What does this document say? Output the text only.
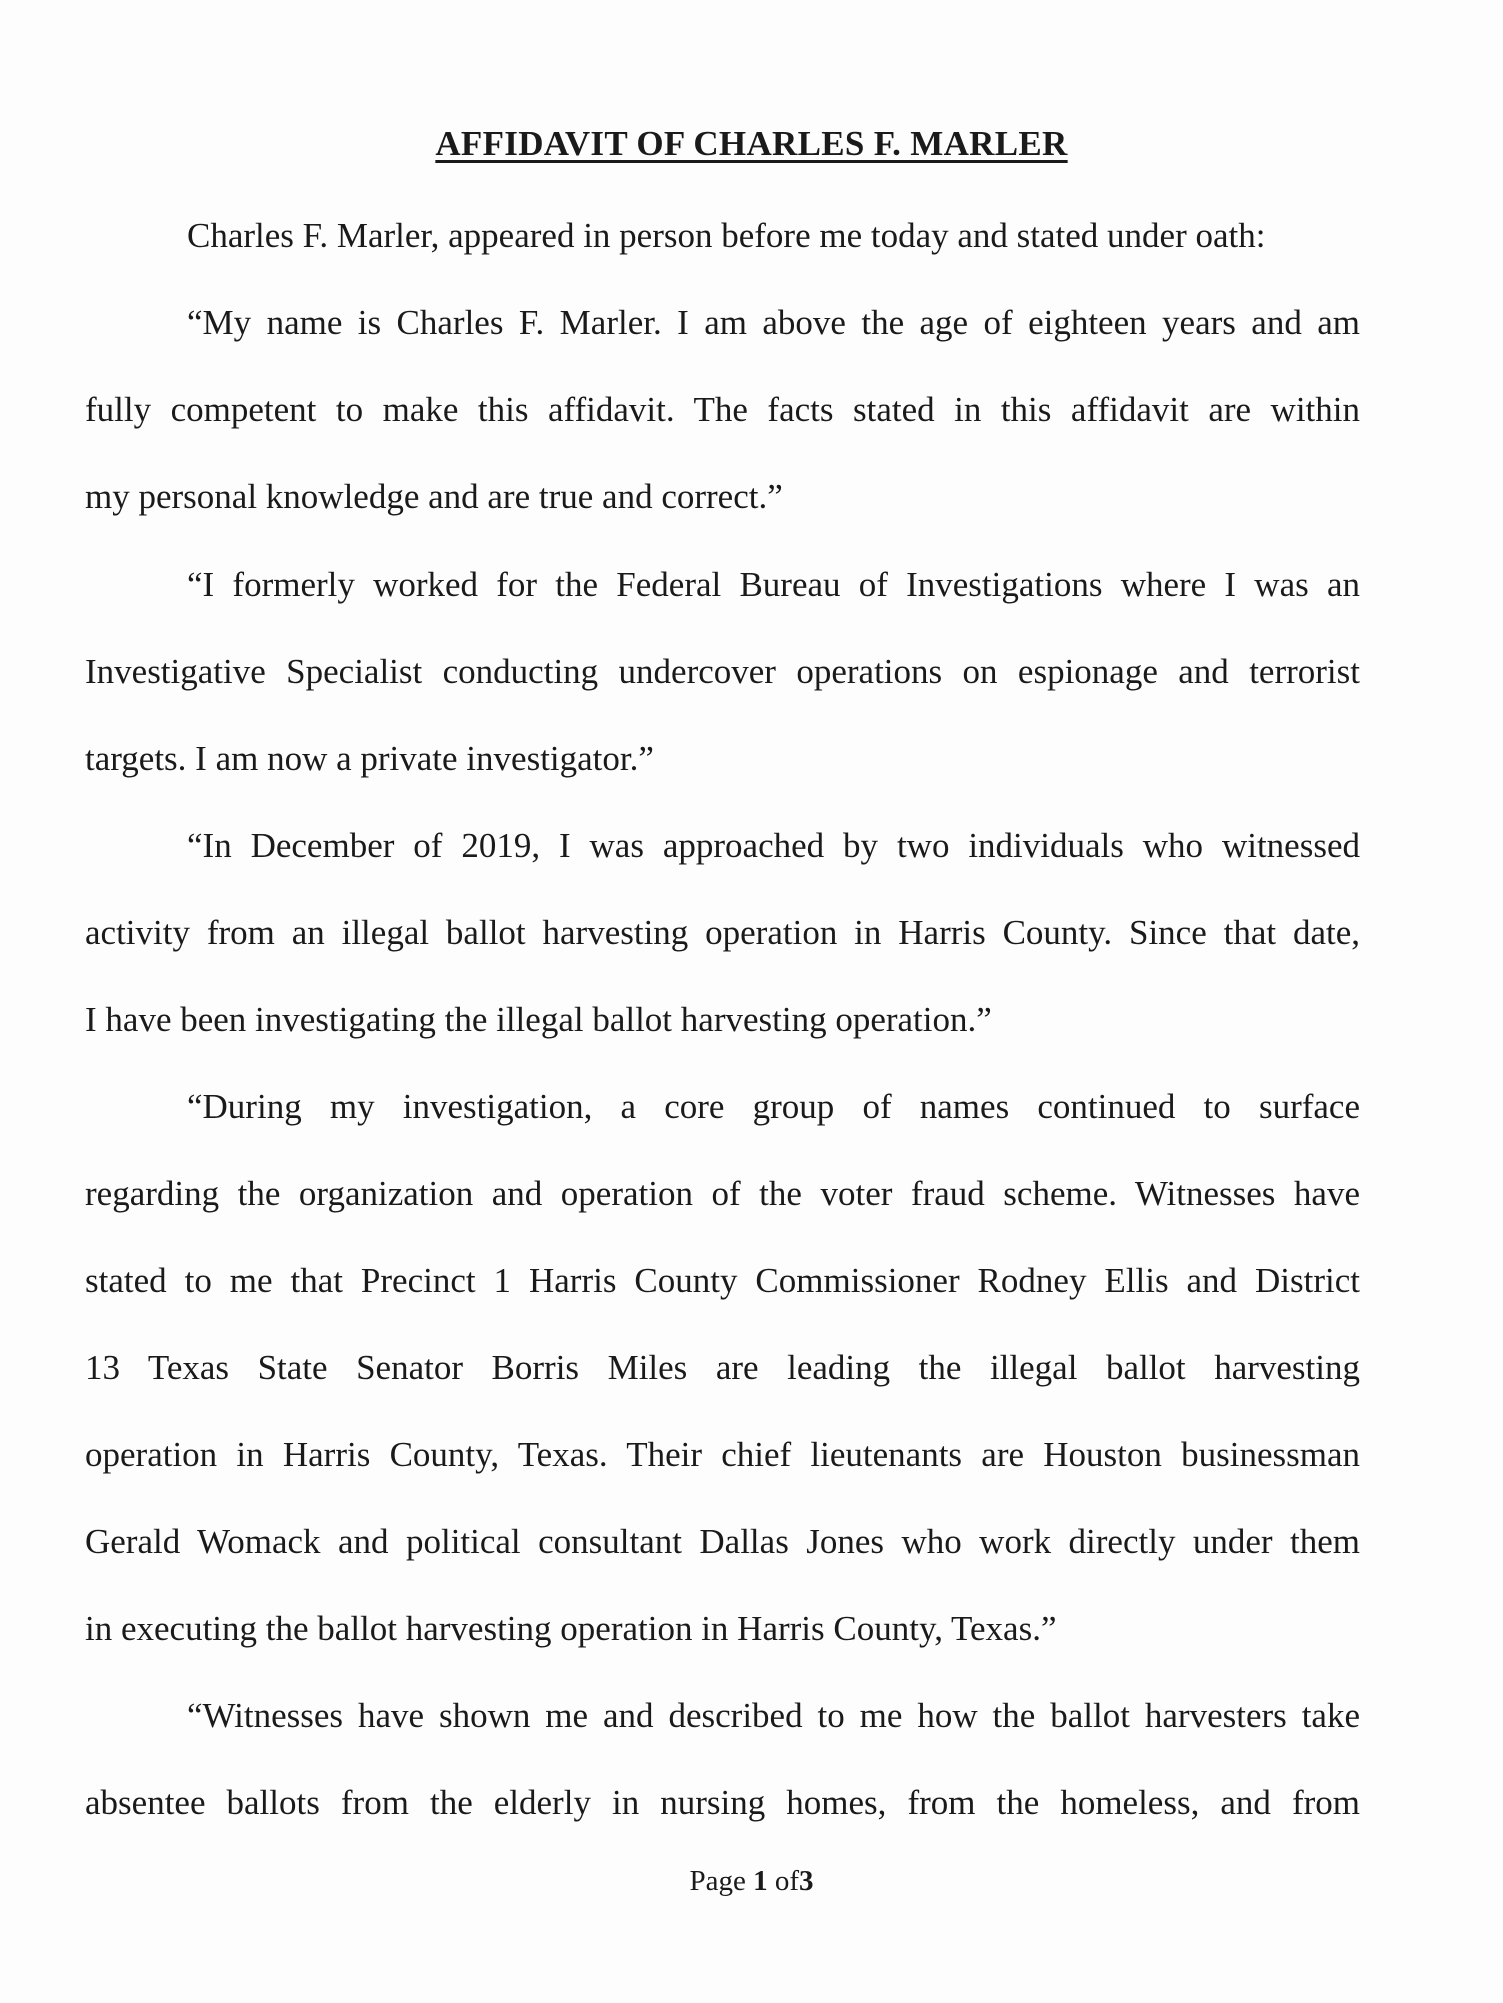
AFFIDAVIT OF CHARLES F. MARLER
Charles F. Marler, appeared in person before me today and stated under oath:
“My name is Charles F. Marler. I am above the age of eighteen years and am
fully competent to make this affidavit. The facts stated in this affidavit are within
my personal knowledge and are true and correct.”
“I formerly worked for the Federal Bureau of Investigations where I was an
Investigative Specialist conducting undercover operations on espionage and terrorist
targets. I am now a private investigator.”
“In December of 2019, I was approached by two individuals who witnessed
activity from an illegal ballot harvesting operation in Harris County. Since that date,
I have been investigating the illegal ballot harvesting operation.”
“During my investigation, a core group of names continued to surface
regarding the organization and operation of the voter fraud scheme. Witnesses have
stated to me that Precinct 1 Harris County Commissioner Rodney Ellis and District
13 Texas State Senator Borris Miles are leading the illegal ballot harvesting
operation in Harris County, Texas. Their chief lieutenants are Houston businessman
Gerald Womack and political consultant Dallas Jones who work directly under them
in executing the ballot harvesting operation in Harris County, Texas.”
“Witnesses have shown me and described to me how the ballot harvesters take
absentee ballots from the elderly in nursing homes, from the homeless, and from
Page 1 of3
